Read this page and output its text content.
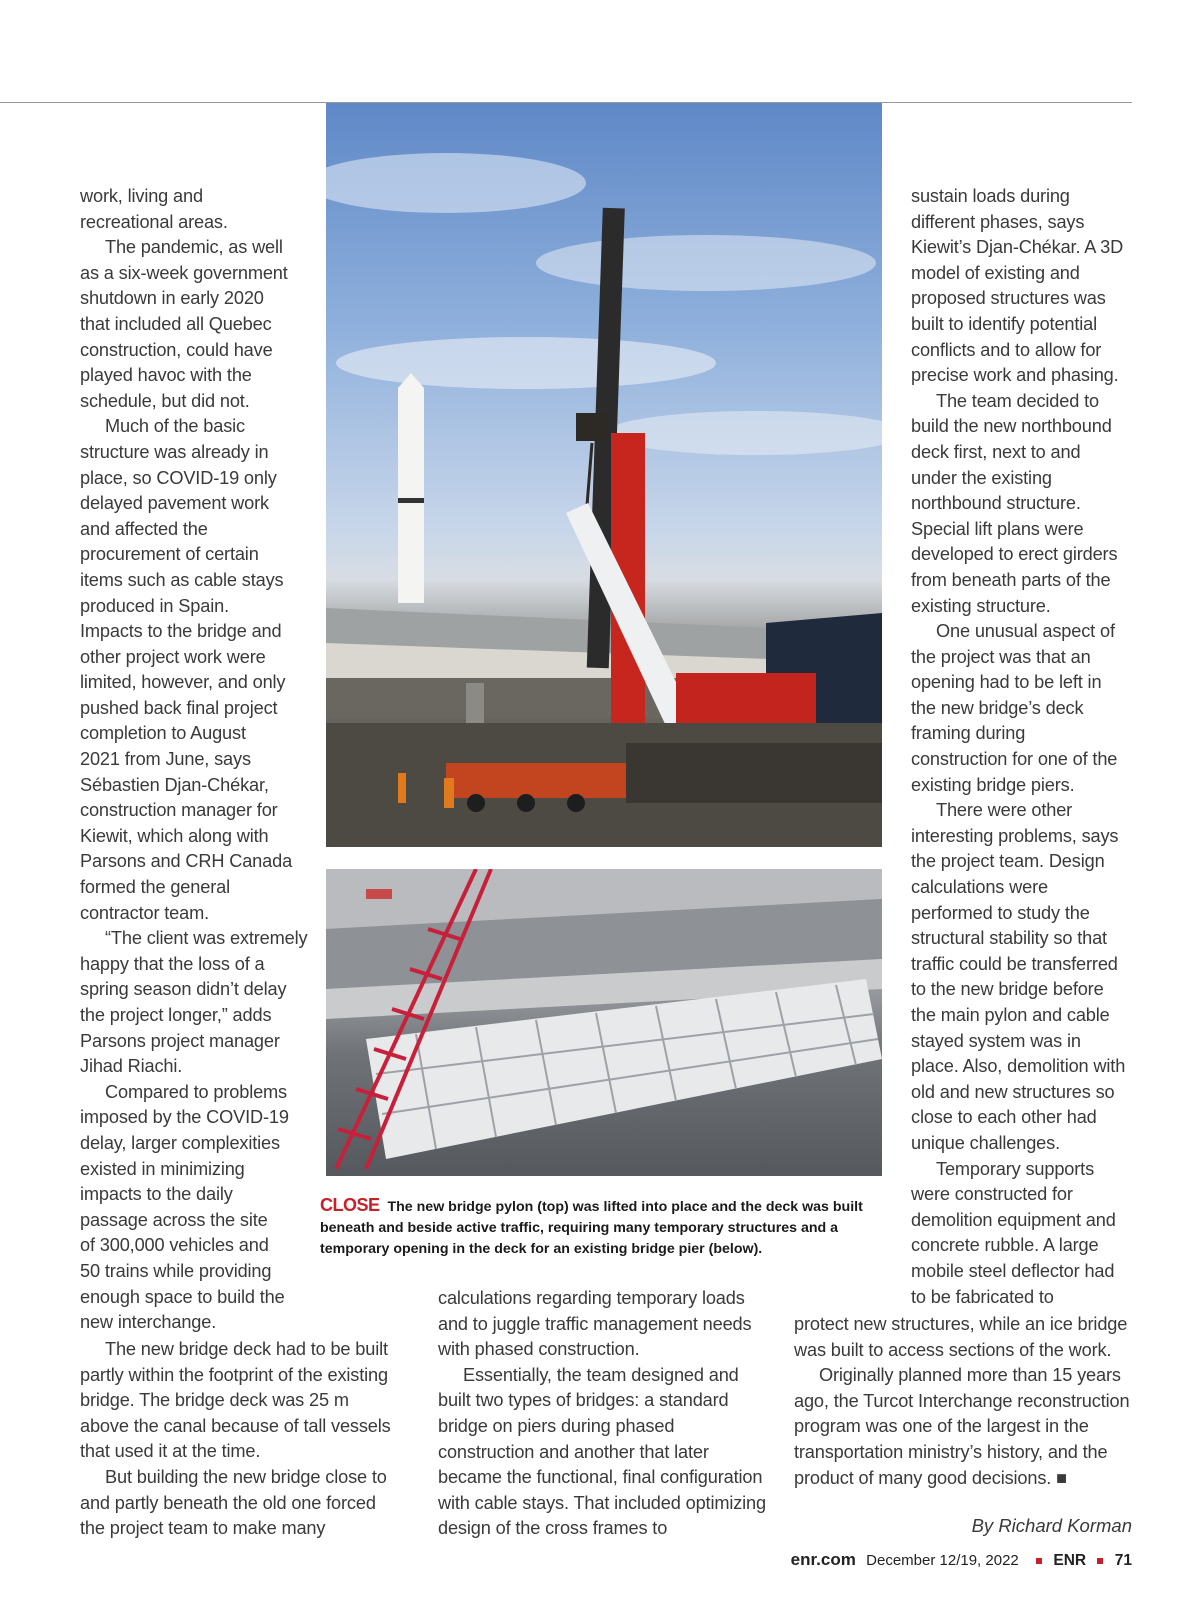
work, living and
recreational areas.
The pandemic, as well
as a six-week government
shutdown in early 2020
that included all Quebec
construction, could have
played havoc with the
schedule, but did not.
Much of the basic
structure was already in
place, so COVID-19 only
delayed pavement work
and affected the
procurement of certain
items such as cable stays
produced in Spain.
Impacts to the bridge and
other project work were
limited, however, and only
pushed back final project
completion to August
2021 from June, says
Sébastien Djan-Chékar,
construction manager for
Kiewit, which along with
Parsons and CRH Canada
formed the general
contractor team.
“The client was extremely
happy that the loss of a
spring season didn’t delay
the project longer,” adds
Parsons project manager
Jihad Riachi.
Compared to problems
imposed by the COVID-19
delay, larger complexities
existed in minimizing
impacts to the daily
passage across the site
of 300,000 vehicles and
50 trains while providing
enough space to build the
new interchange.

The new bridge deck had to be built partly within the footprint of the existing bridge. The bridge deck was 25 m above the canal because of tall vessels that used it at the time.

But building the new bridge close to and partly beneath the old one forced the project team to make many

calculations regarding temporary loads and to juggle traffic management needs with phased construction.

Essentially, the team designed and built two types of bridges: a standard bridge on piers during phased construction and another that later became the functional, final configuration with cable stays. That included optimizing design of the cross frames to

sustain loads during
different phases, says
Kiewit’s Djan-Chékar. A 3D
model of existing and
proposed structures was
built to identify potential
conflicts and to allow for
precise work and phasing.
The team decided to
build the new northbound
deck first, next to and
under the existing
northbound structure.
Special lift plans were
developed to erect girders
from beneath parts of the
existing structure.
One unusual aspect of
the project was that an
opening had to be left in
the new bridge’s deck
framing during
construction for one of the
existing bridge piers.
There were other
interesting problems, says
the project team. Design
calculations were
performed to study the
structural stability so that
traffic could be transferred
to the new bridge before
the main pylon and cable
stayed system was in
place. Also, demolition with
old and new structures so
close to each other had
unique challenges.
Temporary supports
were constructed for
demolition equipment and
concrete rubble. A large
mobile steel deflector had
to be fabricated to

protect new structures, while an ice bridge was built to access sections of the work.

Originally planned more than 15 years ago, the Turcot Interchange reconstruction program was one of the largest in the transportation ministry’s history, and the product of many good decisions. ■

By Richard Korman
CLOSE The new bridge pylon (top) was lifted into place and the deck was built beneath and beside active traffic, requiring many temporary structures and a temporary opening in the deck for an existing bridge pier (below).
enr.com December 12/19, 2022 ENR 71
